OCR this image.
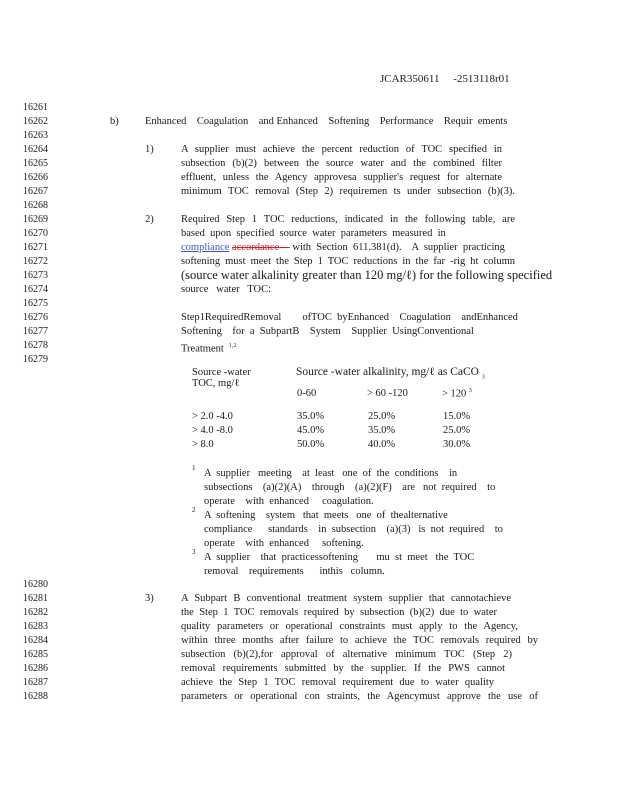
JCAR350611 -2513118r01
16261
16262
16263
16264
16265
16266
16267
16268
16269
16270
16271
16272
16273
16274
16275
16276
16277
16278
16279
16280
16281
16282
16283
16284
16285
16286
16287
16288
b)	Enhanced    Coagulation    and Enhanced    Softening    Performance    Requir  ements
1)	A supplier must achieve the percent reduction of TOC specified in
subsection (b)(2) between the source water and the combined filter
effluent, unless the Agency approvesa supplier's request for alternate
minimum TOC removal (Step 2) requiremen ts under subsection (b)(3).
2)	Required Step 1 TOC reductions, indicated in the following table, are
based  upon  specified  source  water  parameters  measured  in
compliance accordance with  Section  611.381(d).    A  supplier  practicing
softening must meet the Step 1 TOC reductions in the far -rig ht column
(source water alkalinity greater than 120 mg/ℓ) for the following specified
source   water   TOC:
Step1RequiredRemoval        ofTOC  byEnhanced    Coagulation    andEnhanced
Softening    for  a  SubpartB    System    Supplier  UsingConventional
Treatment $^{1,2}$
Source -water
TOC, mg/ℓ
Source -water alkalinity, mg/ℓ as CaCO $_3$
0-60	> 60 -120	> 120 $^3$
> 2.0 -4.0	35.0%	25.0%	15.0%
> 4.0 -8.0	45.0%	35.0%	25.0%
> 8.0	50.0%	40.0%	30.0%
1 A  supplier   meeting    at  least   one  of  the  conditions    in
subsections    (a)(2)(A)    through    (a)(2)(F)    are   not  required    to
operate    with  enhanced     coagulation.
2 A  softening    system   that  meets   one  of  thealternative
compliance      standards    in  subsection    (a)(3)   is  not  required    to
operate    with  enhanced     softening.
3 A  supplier    that  practicessoftening       mu  st  meet   the  TOC
removal    requirements      inthis   column.
3)	A Subpart B conventional treatment system supplier that cannotachieve
the Step 1 TOC removals required by subsection (b)(2) due to water
quality parameters or operational constraints must apply to the Agency,
within three months after failure to achieve the TOC removals required by
subsection (b)(2),for approval of alternative minimum TOC (Step 2)
removal requirements submitted by the supplier. If the PWS cannot
achieve the Step 1 TOC removal requirement due to water quality
parameters or operational con straints, the Agencymust approve the use of
